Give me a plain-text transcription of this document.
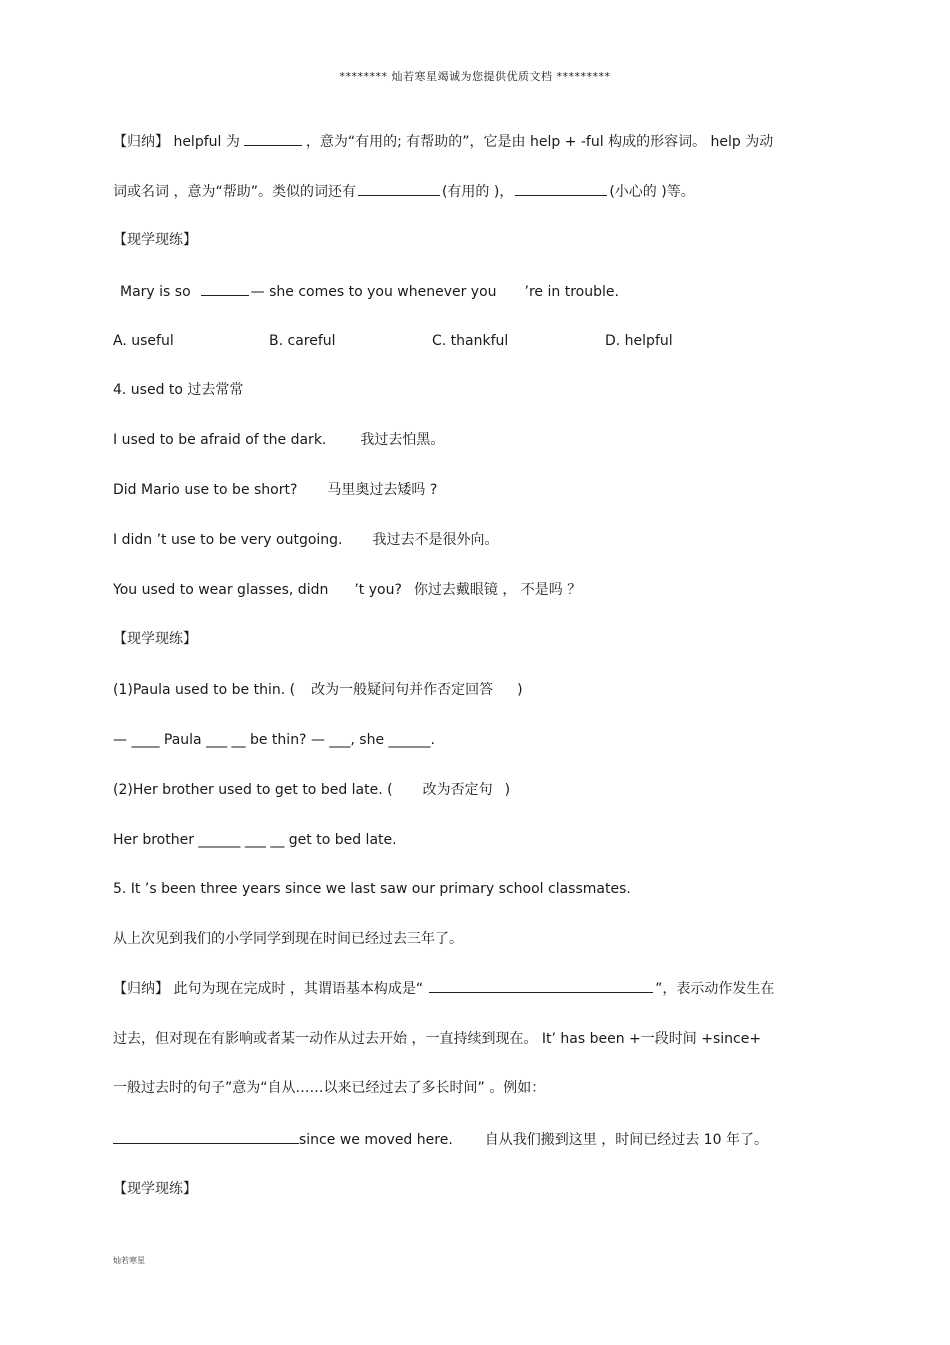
******** 灿若寒星竭诚为您提供优质文档 *********
【归纳】 helpful 为	，意为“有用的; 有帮助的”，它是由 help + -ful 构成的形容词。 help 为动
词或名词 ，意为“帮助”。类似的词还有	(有用的 )，	(小心的 )等。
【现学现练】
Mary is so	— she comes to you whenever you ’re in trouble.
A. useful	B. careful	C. thankful	D. helpful
4. used to 过去常常
I used to be afraid of the dark. 我过去怕黑。
Did Mario use to be short? 马里奥过去矮吗 ?
I didn ’t use to be very outgoing. 我过去不是很外向。
You used to wear glasses, didn ’t you? 你过去戴眼镜 ， 不是吗 ？
【现学现练】
(1)Paula used to be thin. ( 改为一般疑问句并作否定回答 )
— ____ Paula ___ __ be thin? — ___, she ______.
(2)Her brother used to get to bed late. ( 改为否定句 )
Her brother ______ ___ __ get to bed late.
5. It ’s been three years since we last saw our primary school classmates.
从上次见到我们的小学同学到现在时间已经过去三年了。
【归纳】 此句为现在完成时 ，其谓语基本构成是“	”，表示动作发生在
过去，但对现在有影响或者某一动作从过去开始 ，一直持续到现在。 It’ has been +一段时间 +since+
一般过去时的句子”意为“自从……以来已经过去了多长时间” 。例如：
since we moved here. 自从我们搬到这里 ，时间已经过去 10 年了。
【现学现练】
灿若寒星
